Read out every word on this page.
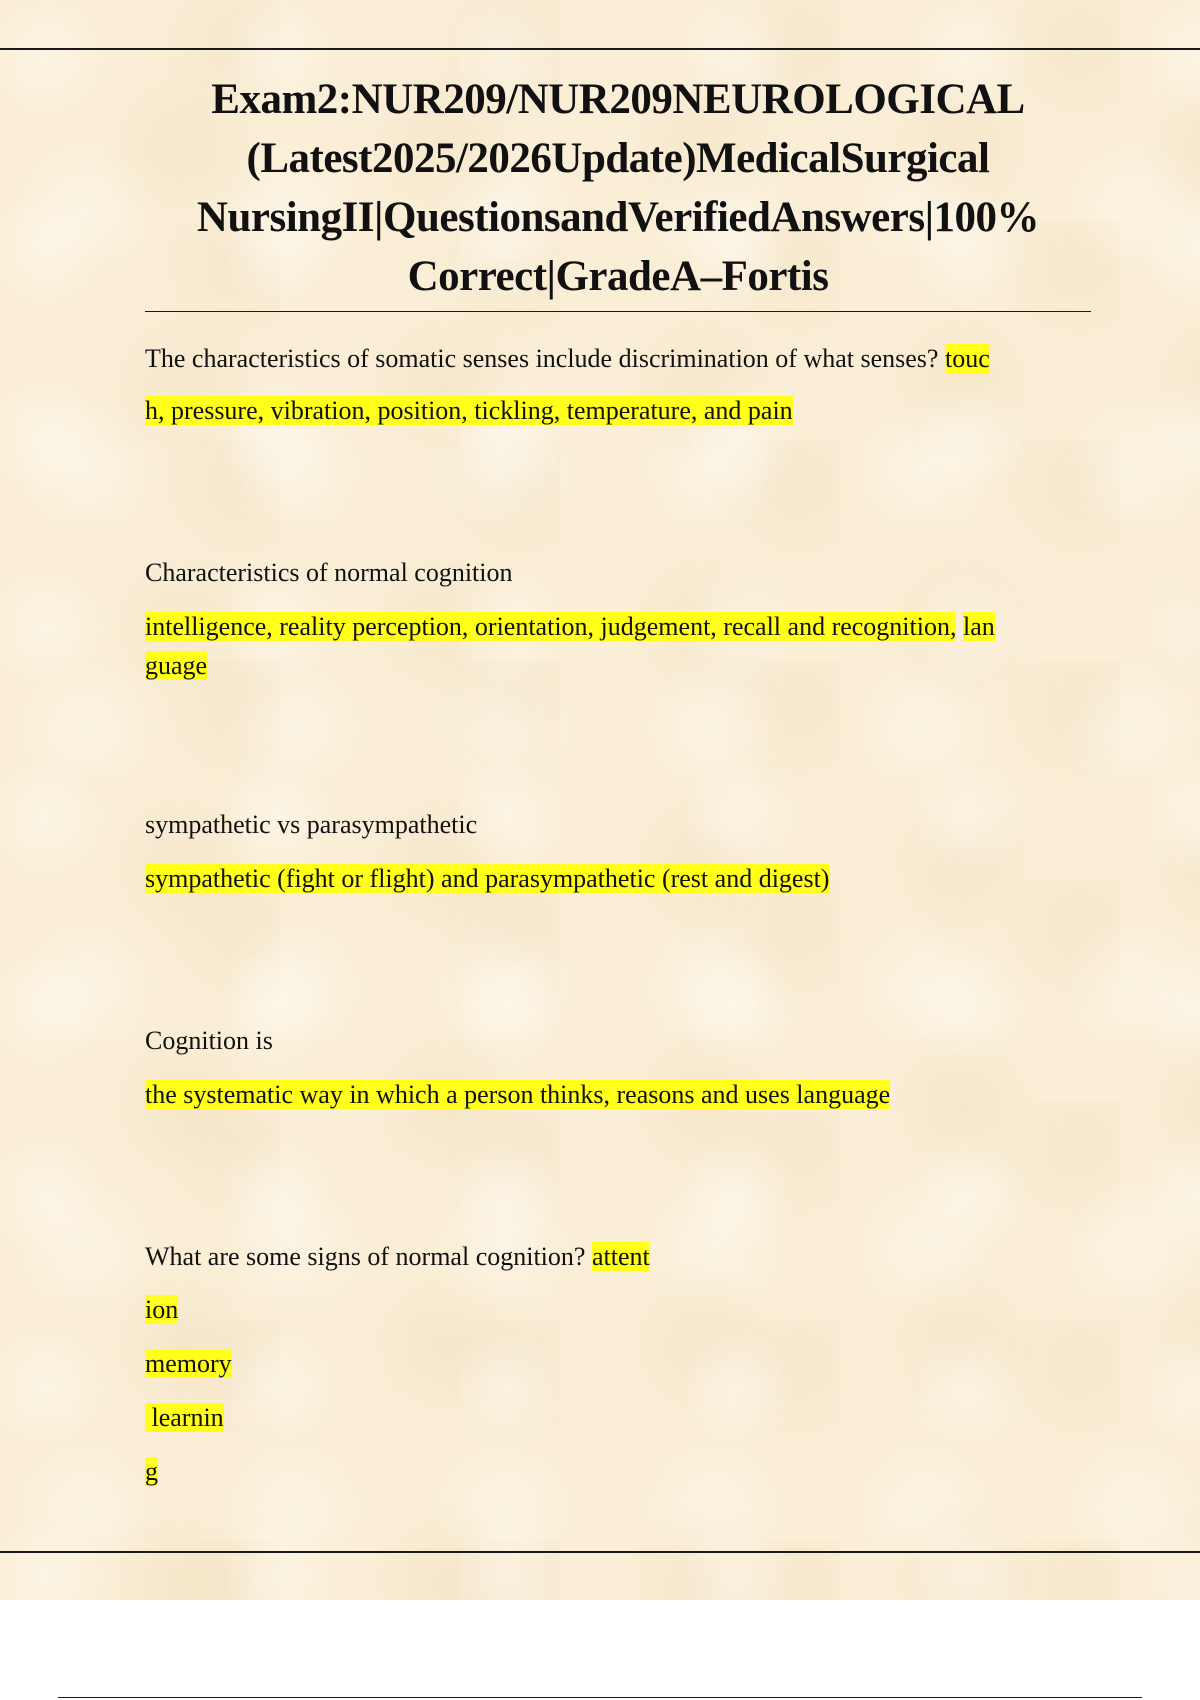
Exam2:NUR209/NUR209NEUROLOGICAL (Latest2025/2026Update)MedicalSurgical NursingII|QuestionsandVerifiedAnswers|100% Correct|GradeA–Fortis
The characteristics of somatic senses include discrimination of what senses? touc
h, pressure, vibration, position, tickling, temperature, and pain
Characteristics of normal cognition
intelligence, reality perception, orientation, judgement, recall and recognition, lan
guage
sympathetic vs parasympathetic
sympathetic (fight or flight) and parasympathetic (rest and digest)
Cognition is
the systematic way in which a person thinks, reasons and uses language
What are some signs of normal cognition? attent
ion
memory
learnin
g
